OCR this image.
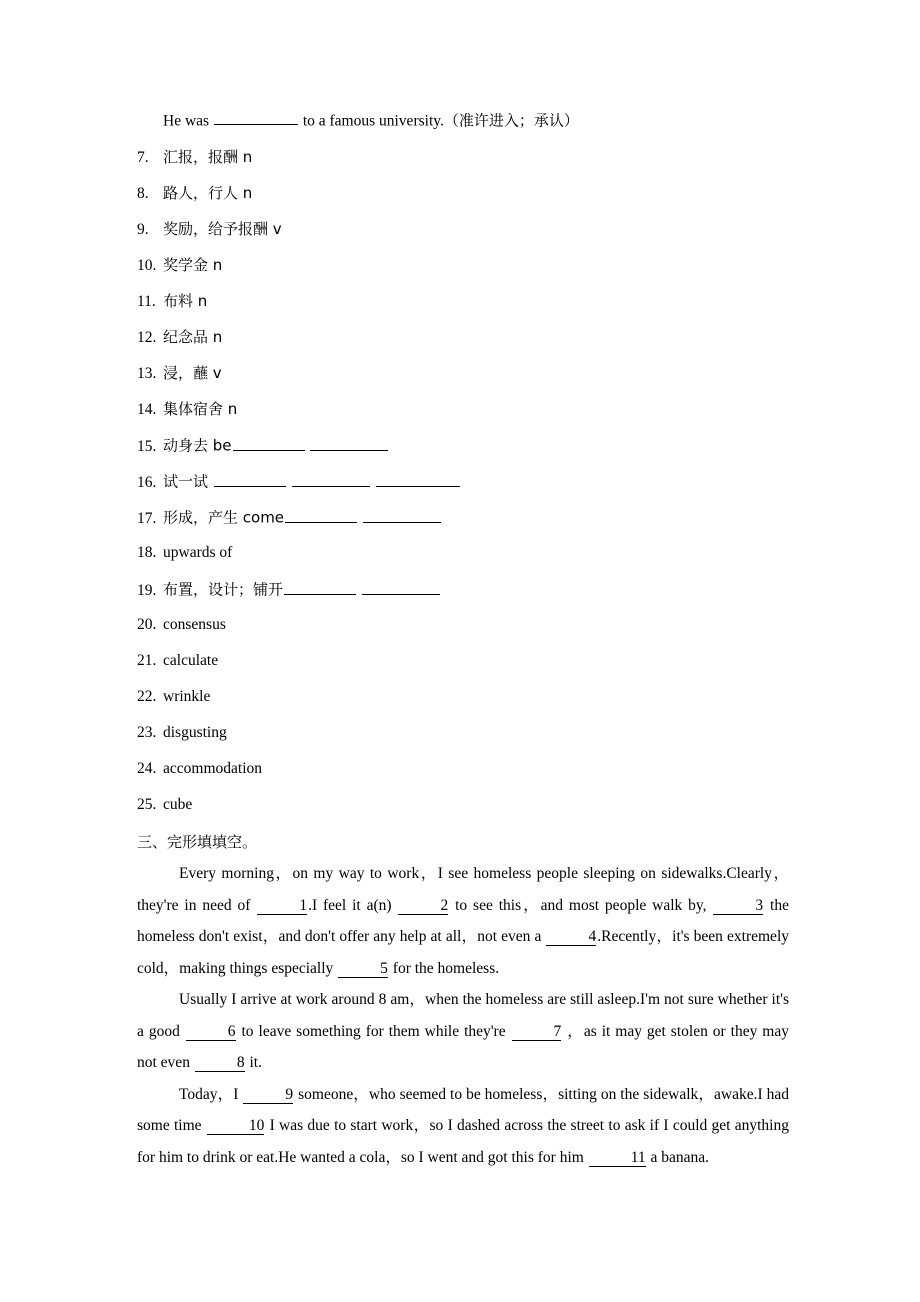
He was	to a famous university.（准许进入；承认）
7. 汇报，报酬 n
8. 路人，行人 n
9. 奖励，给予报酬 v
10. 奖学金 n
11. 布料 n
12. 纪念品 n
13. 浸，蘸 v
14. 集体宿舍 n
15. 动身去 be
16. 试一试
17. 形成，产生 come
18. upwards of
19. 布置，设计；铺开
20. consensus
21. calculate
22. wrinkle
23. disgusting
24. accommodation
25. cube
三、完形填填空。

Every morning，on my way to work，I see homeless people sleeping on sidewalks.Clearly，they're in need of	1.I feel it a(n)	2 to see this，and most people walk by,	3 the homeless don't exist，and don't offer any help at all，not even a	4.Recently，it's been extremely cold，making things especially	5 for the homeless.

Usually I arrive at work around 8 am，when the homeless are still asleep.I'm not sure whether it's a good	6 to leave something for them while they're	7 ，as it may get stolen or they may not even	8 it.

Today，I	9 someone，who seemed to be homeless，sitting on the sidewalk，awake.I had some time	10 I was due to start work，so I dashed across the street to ask if I could get anything for him to drink or eat.He wanted a cola，so I went and got this for him	11 a banana.
